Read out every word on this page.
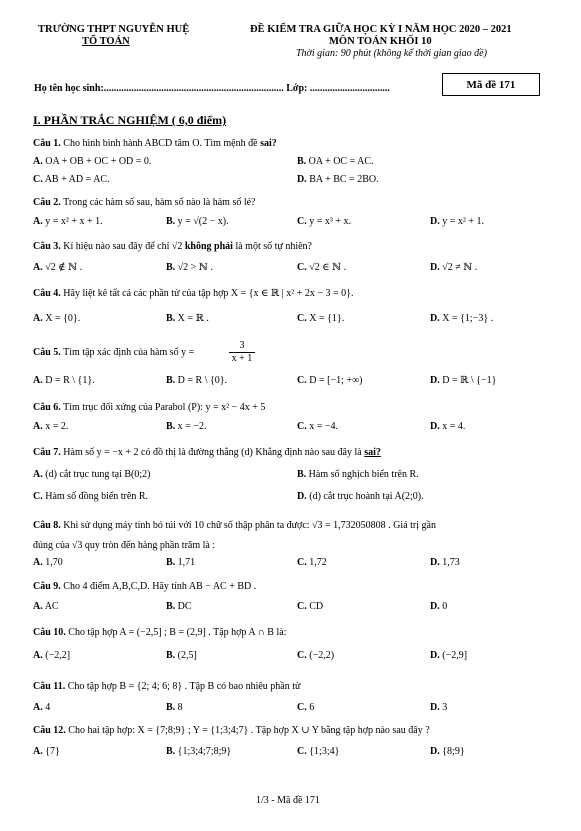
TRƯỜNG THPT NGUYỄN HUỆ
TỔ TOÁN
ĐỀ KIỂM TRA GIỮA HỌC KỲ I NĂM HỌC 2020 – 2021
MÔN TOÁN KHỐI 10
Thời gian: 90 phút (không kể thời gian giao đề)
Họ tên học sinh:........................................................................ Lớp: ................................	Mã đề 171
I. PHẦN TRẮC NGHIỆM ( 6,0 điểm)
Câu 1. Cho hình bình hành ABCD tâm O. Tìm mệnh đề sai?
A. OA + OB + OC + OD = 0.	B. OA + OC = AC.
C. AB + AD = AC.	D. BA + BC = 2BO.
Câu 2. Trong các hàm số sau, hàm số nào là hàm số lẻ?
A. y = x² + x + 1.	B. y = √(2 − x).	C. y = x³ + x.	D. y = x² + 1.
Câu 3. Kí hiệu nào sau đây để chỉ √2 không phải là một số tự nhiên?
A. √2 ∉ ℕ .	B. √2 > ℕ .	C. √2 ∈ ℕ .	D. √2 ≠ ℕ .
Câu 4. Hãy liệt kê tất cả các phần tử của tập hợp X = {x ∈ ℝ | x² + 2x − 3 = 0}.
A. X = {0}.	B. X = ℝ .	C. X = {1}.	D. X = {1;−3} .
Câu 5. Tìm tập xác định của hàm số y =	$\frac{3}{x + 1}$
A. D = R \ {1}.	B. D = R \ {0}.	C. D = [−1; +∞)	D. D = ℝ \ {−1}
Câu 6. Tìm trục đối xứng của Parabol (P): y = x² − 4x + 5
A. x = 2.	B. x = −2.	C. x = −4.	D. x = 4.
Câu 7. Hàm số y = −x + 2 có đồ thị là đường thẳng (d) Khẳng định nào sau đây là sai?
A. (d) cắt trục tung tại B(0;2)	B. Hàm số nghịch biến trên R.
C. Hàm số đồng biến trên R.	D. (d) cắt trục hoành tại A(2;0).
Câu 8. Khi sử dụng máy tính bỏ túi với 10 chữ số thập phân ta được: √3 = 1,732050808 . Giá trị gần
đúng của √3 quy tròn đến hàng phần trăm là :
A. 1,70	B. 1,71	C. 1,72	D. 1,73
Câu 9. Cho 4 điểm A,B,C,D. Hãy tính AB − AC + BD .
A. AC	B. DC	C. CD	D. 0
Câu 10. Cho tập hợp A = (−2,5] ; B = (2,9] . Tập hợp A ∩ B là:
A. (−2,2]	B. (2,5]	C. (−2,2)	D. (−2,9]
Câu 11. Cho tập hợp B = {2; 4; 6; 8} . Tập B có bao nhiêu phần tử
A. 4	B. 8	C. 6	D. 3
Câu 12. Cho hai tập hợp: X = {7;8;9} ; Y = {1;3;4;7} . Tập hợp X ∪ Y bằng tập hợp nào sau đây ?
A. {7}	B. {1;3;4;7;8;9}	C. {1;3;4}	D. {8;9}
1/3 - Mã đề 171
